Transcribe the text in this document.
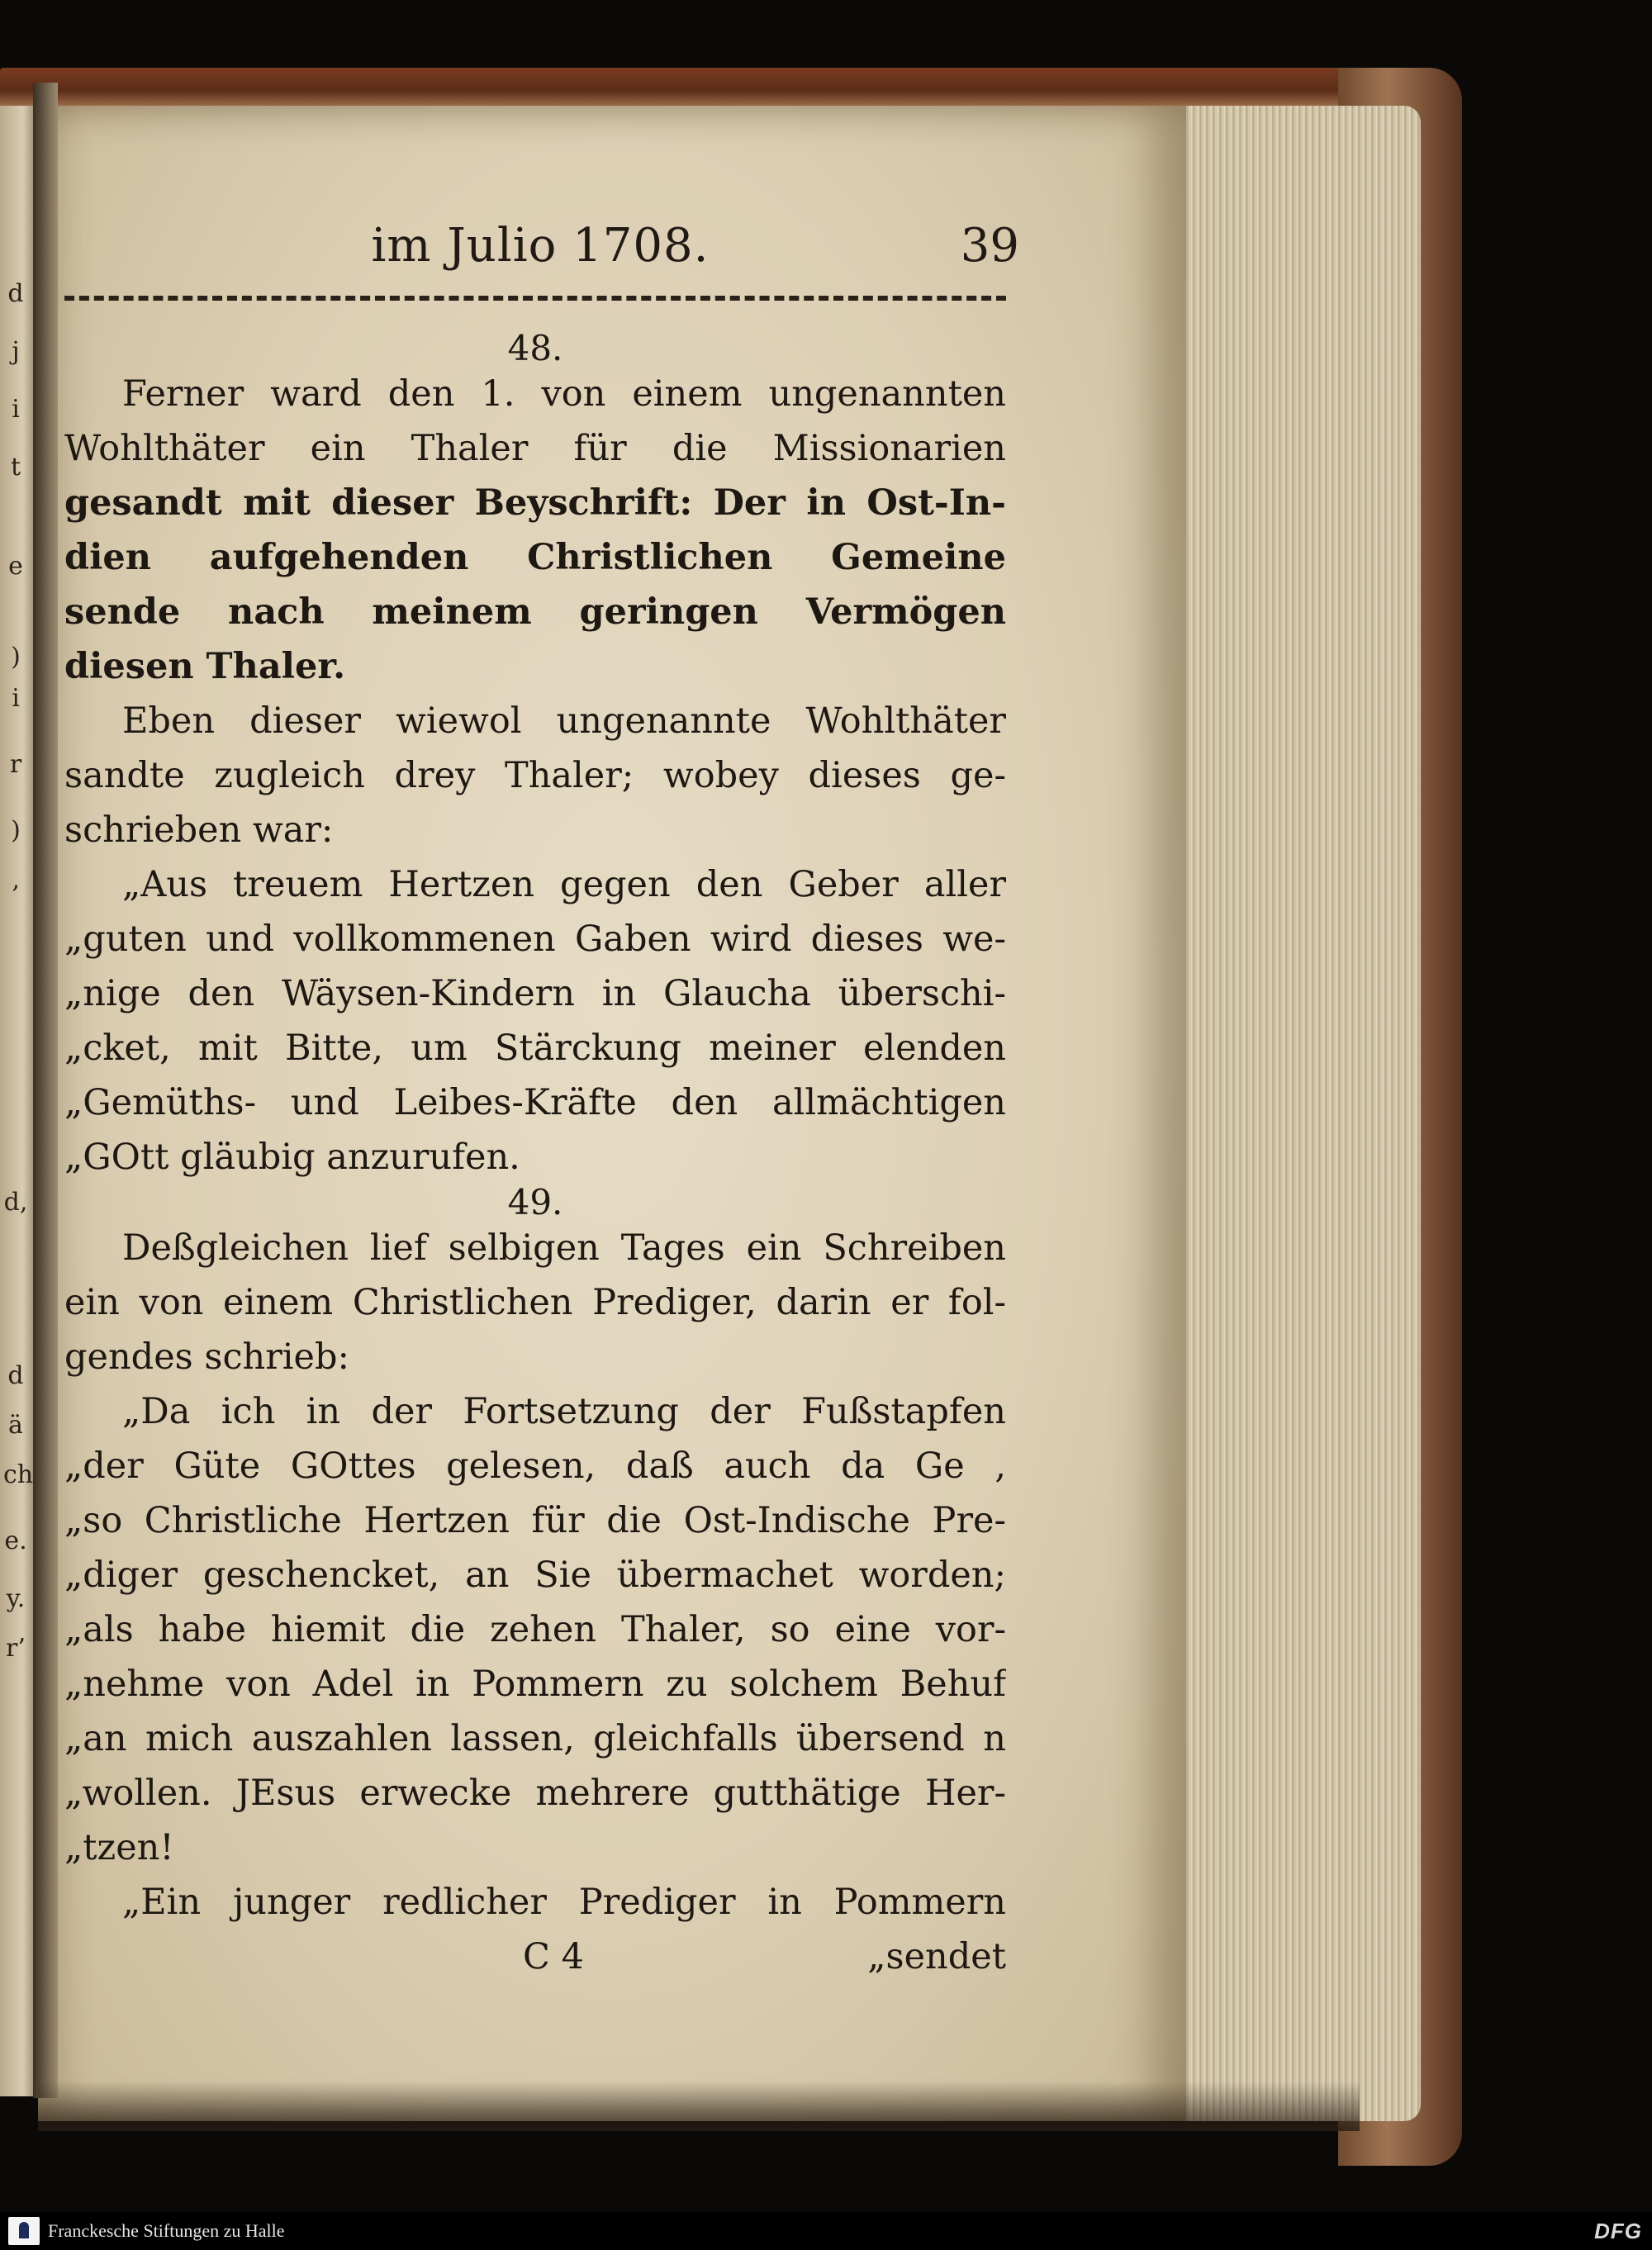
d
j
i
t
e
)
i
r
)
‚
d,
d
ä
ch
e.
y.
r’
im Julio 1708.	39
48.
Ferner ward den 1. von einem ungenannten
Wohlthäter ein Thaler für die Missionarien
gesandt mit dieser Beyschrift: Der in Ost-In-
dien aufgehenden Christlichen Gemeine
sende nach meinem geringen Vermögen
diesen Thaler.
Eben dieser wiewol ungenannte Wohlthäter
sandte zugleich drey Thaler; wobey dieses ge-
schrieben war:
„Aus treuem Hertzen gegen den Geber aller
„guten und vollkommenen Gaben wird dieses we-
„nige den Wäysen-Kindern in Glaucha überschi-
„cket, mit Bitte, um Stärckung meiner elenden
„Gemüths- und Leibes-Kräfte den allmächtigen
„GOtt gläubig anzurufen.
49.
Deßgleichen lief selbigen Tages ein Schreiben
ein von einem Christlichen Prediger, darin er fol-
gendes schrieb:
„Da ich in der Fortsetzung der Fußstapfen
„der Güte GOttes gelesen, daß auch da Ge ,
„so Christliche Hertzen für die Ost-Indische Pre-
„diger geschencket, an Sie übermachet worden;
„als habe hiemit die zehen Thaler, so eine vor-
„nehme von Adel in Pommern zu solchem Behuf
„an mich auszahlen lassen, gleichfalls übersend n
„wollen. JEsus erwecke mehrere gutthätige Her-
„tzen!
„Ein junger redlicher Prediger in Pommern
C 4	„sendet
Franckesche Stiftungen zu Halle	DFG
